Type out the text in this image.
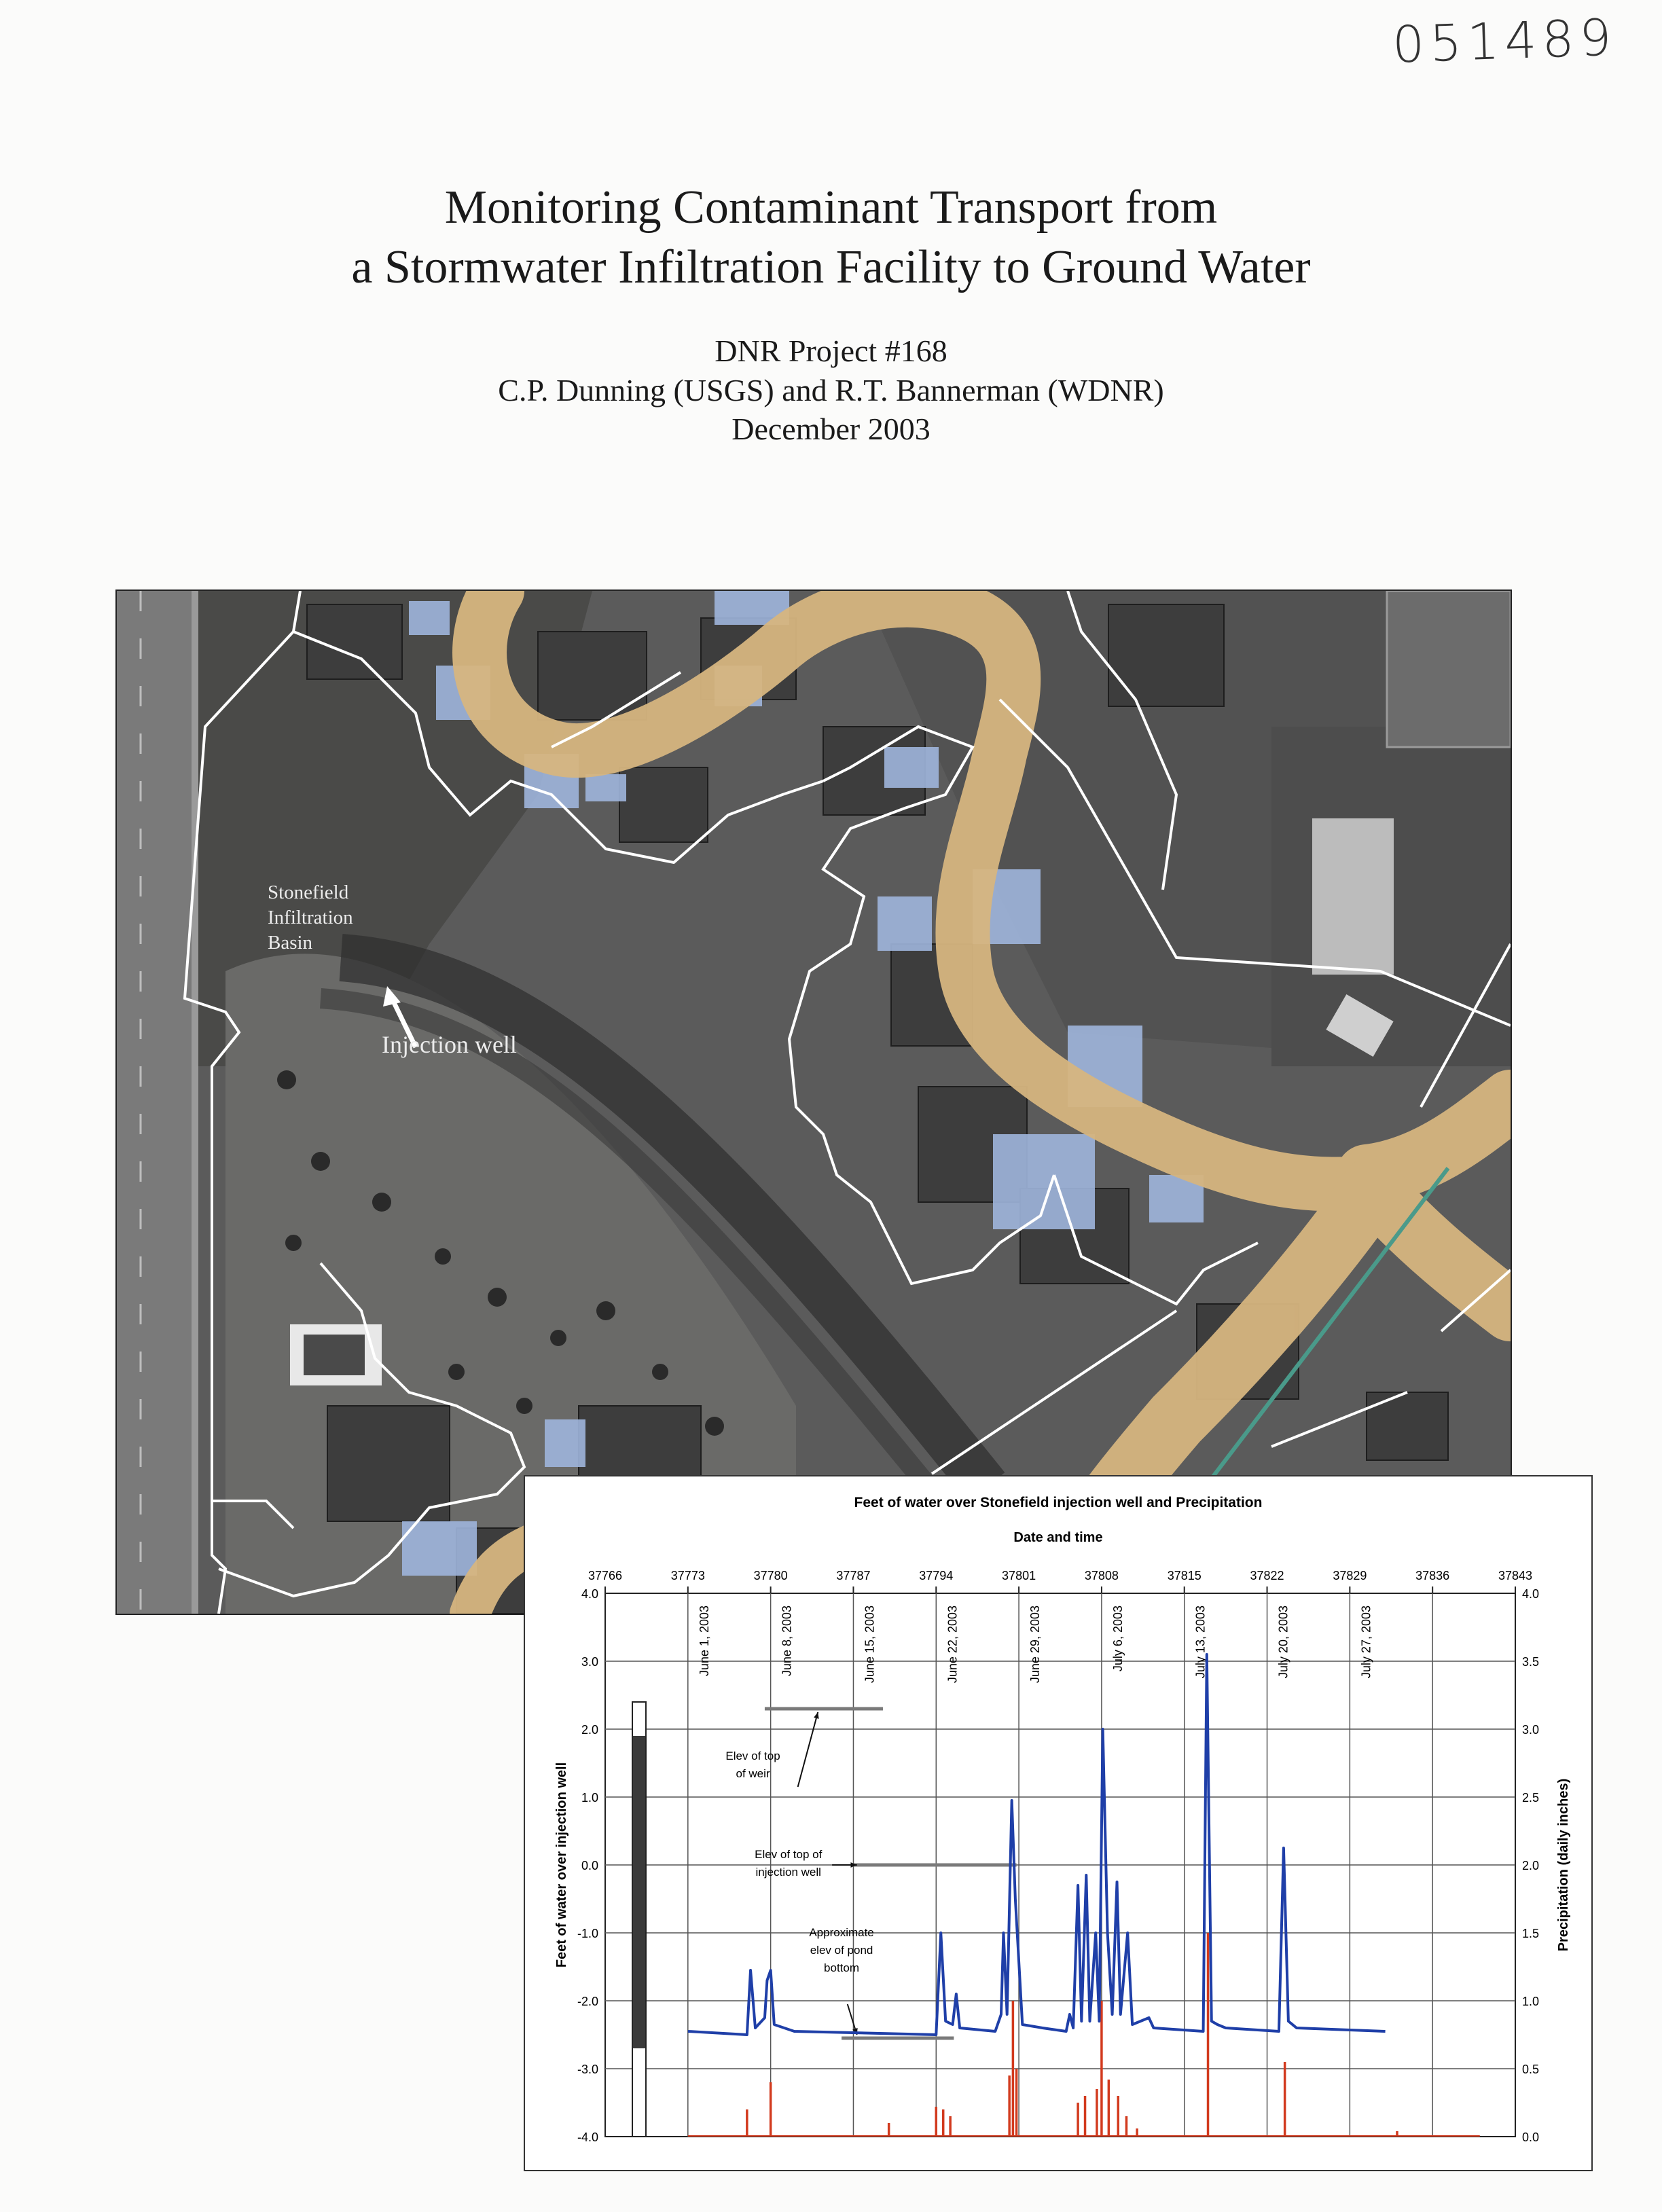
051489
Monitoring Contaminant Transport from
a Stormwater Infiltration Facility to Ground Water
DNR Project #168
C.P. Dunning (USGS) and R.T. Bannerman (WDNR)
December 2003
Stonefield
Infiltration
Basin
Injection well
Feet of water over Stonefield injection well and Precipitation
Date and time
37766	37773	37780	37787	37794	37801	37808	37815	37822	37829	37836	37843
4.0
3.0
2.0
1.0
0.0
-1.0
-2.0
-3.0
-4.0
4.0
3.5
3.0
2.5
2.0
1.5
1.0
0.5
0.0
Feet of water over injection well	Precipitation (daily inches)
June 1, 2003	June 8, 2003	June 15, 2003	June 22, 2003	June 29, 2003	July 6, 2003	July 13, 2003	July 20, 2003	July 27, 2003
Elev of top
of weir
Elev of top of
injection well
Approximate
elev of pond
bottom
